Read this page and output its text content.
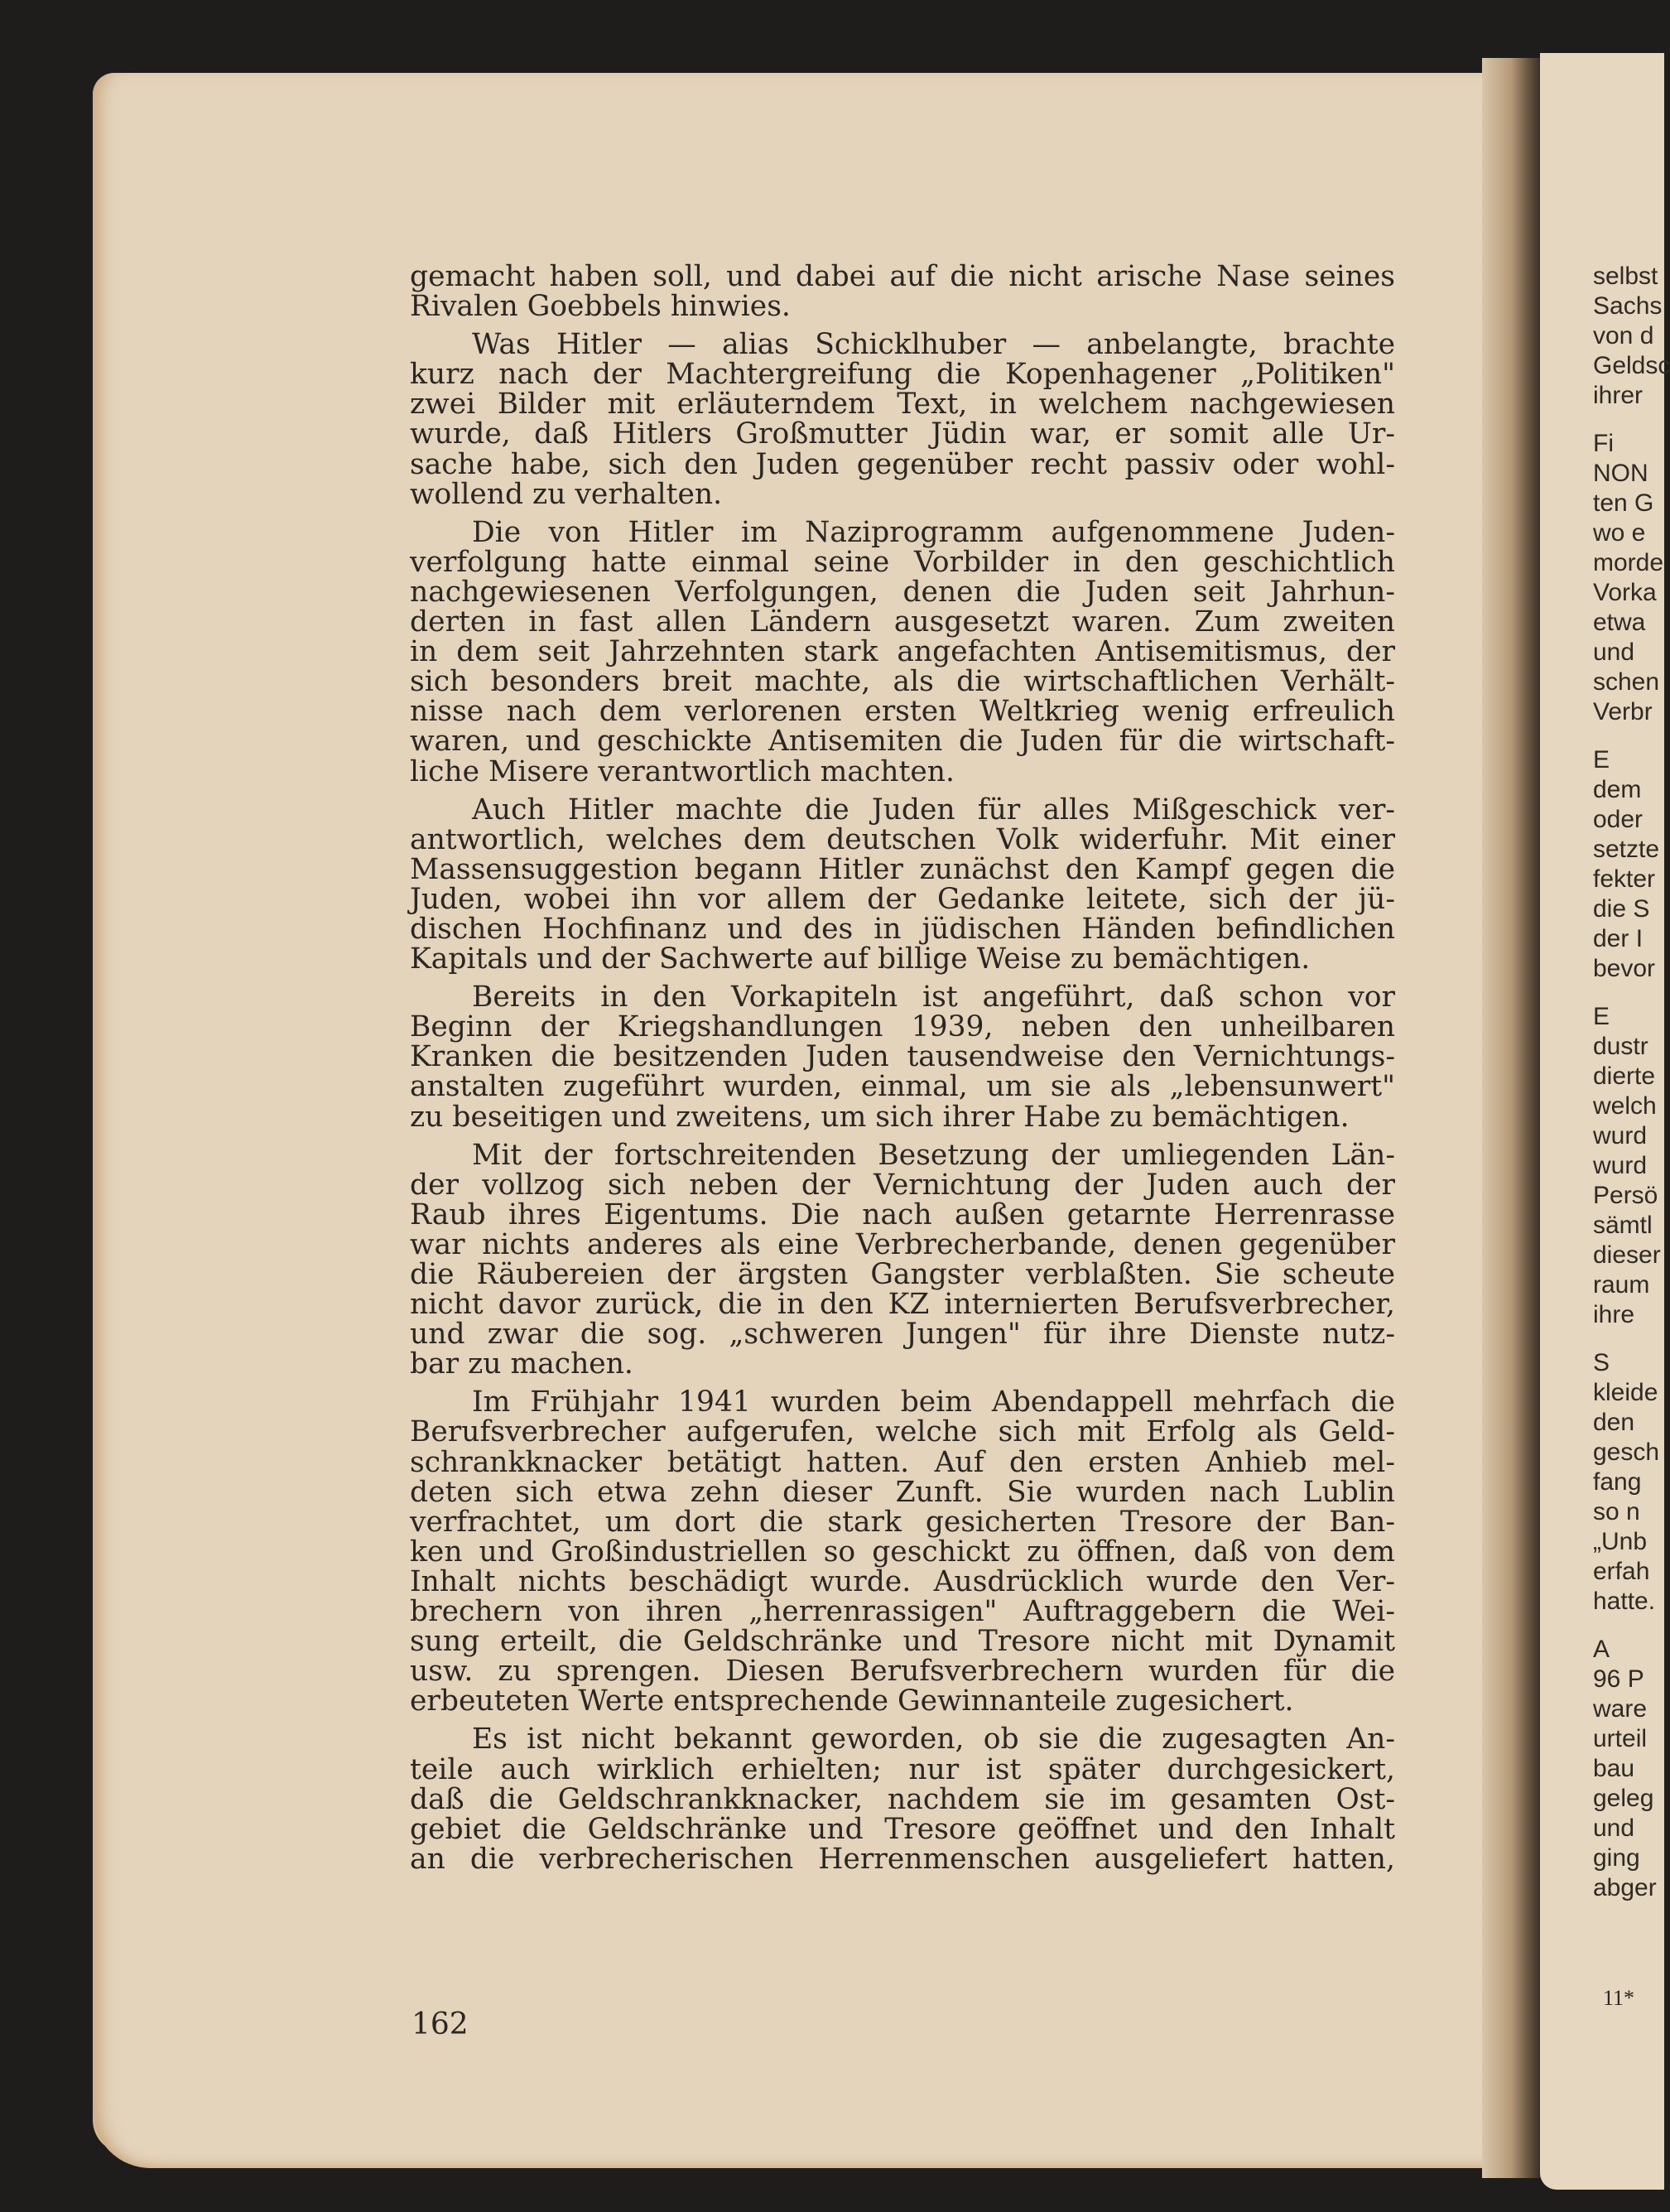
gemacht haben soll, und dabei auf die nicht arische Nase seines
Rivalen Goebbels hinwies.
Was Hitler — alias Schicklhuber — anbelangte, brachte
kurz nach der Machtergreifung die Kopenhagener „Politiken"
zwei Bilder mit erläuterndem Text, in welchem nachgewiesen
wurde, daß Hitlers Großmutter Jüdin war, er somit alle Ur-
sache habe, sich den Juden gegenüber recht passiv oder wohl-
wollend zu verhalten.
Die von Hitler im Naziprogramm aufgenommene Juden-
verfolgung hatte einmal seine Vorbilder in den geschichtlich
nachgewiesenen Verfolgungen, denen die Juden seit Jahrhun-
derten in fast allen Ländern ausgesetzt waren. Zum zweiten
in dem seit Jahrzehnten stark angefachten Antisemitismus, der
sich besonders breit machte, als die wirtschaftlichen Verhält-
nisse nach dem verlorenen ersten Weltkrieg wenig erfreulich
waren, und geschickte Antisemiten die Juden für die wirtschaft-
liche Misere verantwortlich machten.
Auch Hitler machte die Juden für alles Mißgeschick ver-
antwortlich, welches dem deutschen Volk widerfuhr. Mit einer
Massensuggestion begann Hitler zunächst den Kampf gegen die
Juden, wobei ihn vor allem der Gedanke leitete, sich der jü-
dischen Hochfinanz und des in jüdischen Händen befindlichen
Kapitals und der Sachwerte auf billige Weise zu bemächtigen.
Bereits in den Vorkapiteln ist angeführt, daß schon vor
Beginn der Kriegshandlungen 1939, neben den unheilbaren
Kranken die besitzenden Juden tausendweise den Vernichtungs-
anstalten zugeführt wurden, einmal, um sie als „lebensunwert"
zu beseitigen und zweitens, um sich ihrer Habe zu bemächtigen.
Mit der fortschreitenden Besetzung der umliegenden Län-
der vollzog sich neben der Vernichtung der Juden auch der
Raub ihres Eigentums. Die nach außen getarnte Herrenrasse
war nichts anderes als eine Verbrecherbande, denen gegenüber
die Räubereien der ärgsten Gangster verblaßten. Sie scheute
nicht davor zurück, die in den KZ internierten Berufsverbrecher,
und zwar die sog. „schweren Jungen" für ihre Dienste nutz-
bar zu machen.
Im Frühjahr 1941 wurden beim Abendappell mehrfach die
Berufsverbrecher aufgerufen, welche sich mit Erfolg als Geld-
schrankknacker betätigt hatten. Auf den ersten Anhieb mel-
deten sich etwa zehn dieser Zunft. Sie wurden nach Lublin
verfrachtet, um dort die stark gesicherten Tresore der Ban-
ken und Großindustriellen so geschickt zu öffnen, daß von dem
Inhalt nichts beschädigt wurde. Ausdrücklich wurde den Ver-
brechern von ihren „herrenrassigen" Auftraggebern die Wei-
sung erteilt, die Geldschränke und Tresore nicht mit Dynamit
usw. zu sprengen. Diesen Berufsverbrechern wurden für die
erbeuteten Werte entsprechende Gewinnanteile zugesichert.
Es ist nicht bekannt geworden, ob sie die zugesagten An-
teile auch wirklich erhielten; nur ist später durchgesickert,
daß die Geldschrankknacker, nachdem sie im gesamten Ost-
gebiet die Geldschränke und Tresore geöffnet und den Inhalt
an die verbrecherischen Herrenmenschen ausgeliefert hatten,
162
selbst
Sachs
von d
Geldsc
ihrer
Fi
NON
ten G
wo e
morde
Vorka
etwa
und
schen
Verbr
E
dem
oder
setzte
fekter
die S
der I
bevor
E
dustr
dierte
welch
wurd
wurd
Persö
sämtl
dieser
raum
ihre
S
kleide
den
gesch
fang
so n
„Unb
erfah
hatte.
A
96 P
ware
urteil
bau
geleg
und
ging
abger
11*
